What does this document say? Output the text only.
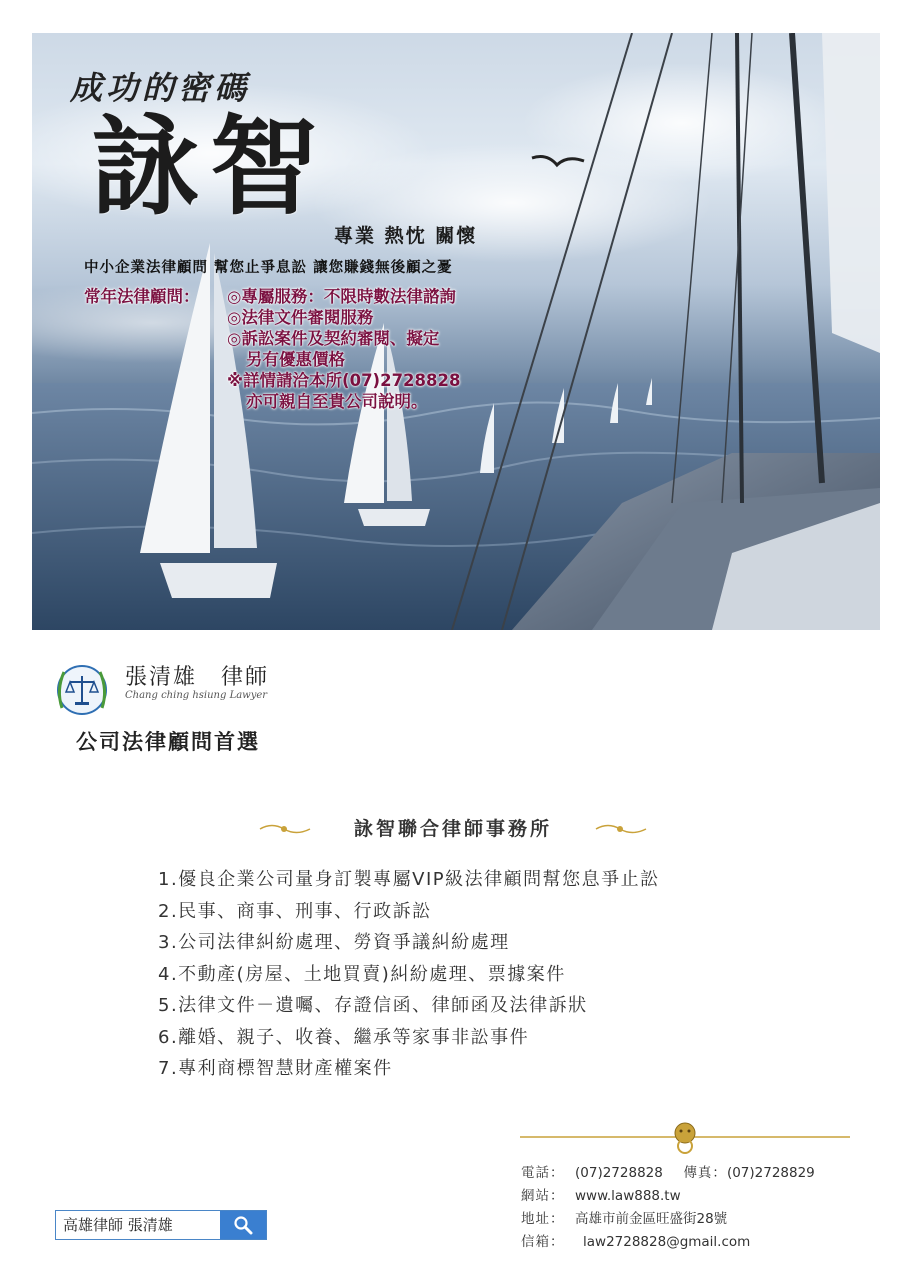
成功的密碼
詠智
專業 熱忱 關懷
中小企業法律顧問 幫您止爭息訟 讓您賺錢無後顧之憂
常年法律顧問： ◎專屬服務：不限時數法律諮詢
◎法律文件審閱服務
◎訴訟案件及契約審閱、擬定
另有優惠價格
※詳情請洽本所(07)2728828
亦可親自至貴公司說明。
張清雄　律師
Chang ching hsiung Lawyer
公司法律顧問首選
詠智聯合律師事務所
1.優良企業公司量身訂製專屬VIP級法律顧問幫您息爭止訟
2.民事、商事、刑事、行政訴訟
3.公司法律糾紛處理、勞資爭議糾紛處理
4.不動產(房屋、土地買賣)糾紛處理、票據案件
5.法律文件－遺囑、存證信函、律師函及法律訴狀
6.離婚、親子、收養、繼承等家事非訟事件
7.專利商標智慧財產權案件
電話： (07)2728828 傳真：(07)2728829
網站： www.law888.tw
地址： 高雄市前金區旺盛街28號
信箱： law2728828@gmail.com
高雄律師 張清雄
